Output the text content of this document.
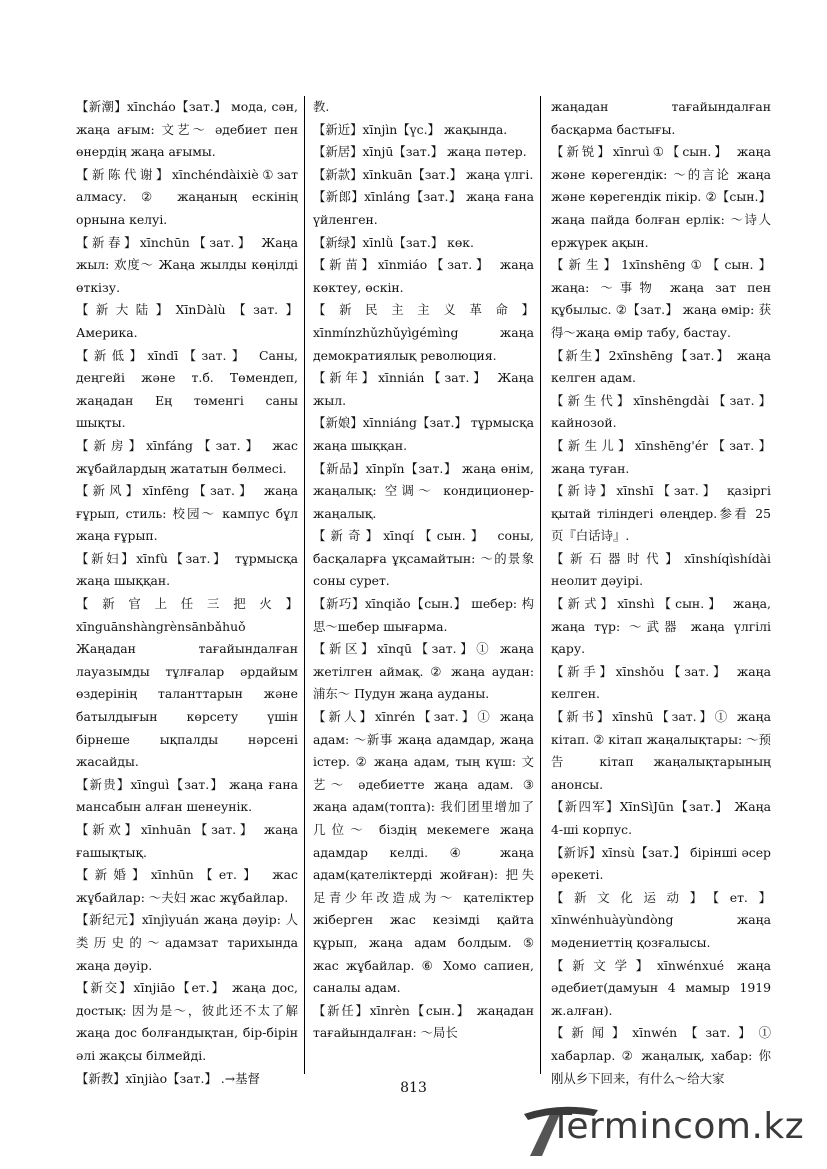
【新潮】xīncháo【зат.】 мода, сән, жаңа ағым: 文艺～ әдебиет пен өнердің жаңа ағымы.

【新陈代谢】xīnchéndàixiè①зат алмасу. ② жаңаның ескінің орнына келуі.

【新春】xīnchūn【зат.】 Жаңа жыл: 欢度～ Жаңа жылды көңілді өткізу.

【新大陆】XīnDàlù【зат.】 Америка.

【新低】xīndī【зат.】 Саны, деңгейі және т.б. Төмендеп, жаңадан Ең төменгі саны шықты.

【新房】xīnfáng【зат.】 жас жұбайлардың жататын бөлмесі.

【新风】xīnfēng【зат.】 жаңа ғұрып, стиль: 校园～ кампус бұл жаңа ғұрып.

【新妇】xīnfù【зат.】 тұрмысқа жаңа шыққан.

【新官上任三把火】xīnguānshàngrènsānbǎhuǒ Жаңадан тағайындалған лауазымды тұлғалар әрдайым өздерінің таланттарын және батылдығын көрсету үшін бірнеше ықпалды нәрсені жасайды.

【新贵】xīnguì【зат.】 жаңа ғана мансабын алған шенеунік.

【新欢】xīnhuān【зат.】 жаңа ғашықтық.

【新婚】xīnhūn【ет.】 жас жұбайлар: ～夫妇 жас жұбайлар.

【新纪元】xīnjìyuán жаңа дәуір: 人类历史的～адамзат тарихында жаңа дәуір.

【新交】xīnjiāo【ет.】 жаңа дос, достық: 因为是～，彼此还不太了解 жаңа дос болғандықтан, бір-бірін әлі жақсы білмейді.

【新教】xīnjiào【зат.】 .→基督

教.

【新近】xīnjìn【үс.】 жақында.

【新居】xīnjū【зат.】 жаңа пәтер.

【新款】xīnkuān【зат.】 жаңа үлгі.

【新郎】xīnláng【зат.】 жаңа ғана үйленген.

【新绿】xīnlǜ【зат.】 көк.

【新苗】xīnmiáo【зат.】 жаңа көктеу, өскін.

【新民主主义革命】xīnmínzhǔzhǔyìgémìng жаңа демократиялық революция.

【新年】xīnnián【зат.】 Жаңа жыл.

【新娘】xīnniáng【зат.】 тұрмысқа жаңа шыққан.

【新品】xīnpǐn【зат.】 жаңа өнім, жаңалық: 空调～ кондиционер-жаңалық.

【新奇】xīnqí【сын.】 соны, басқаларға ұқсамайтын: ～的景象 соны сурет.

【新巧】xīnqiǎo【сын.】 шебер: 构思～шебер шығарма.

【新区】xīnqū【зат.】① жаңа жетілген аймақ. ② жаңа аудан: 浦东～ Пудун жаңа ауданы.

【新人】xīnrén【зат.】① жаңа адам: ～新事 жаңа адамдар, жаңа істер. ② жаңа адам, тың күш: 文艺～ әдебиетте жаңа адам. ③ жаңа адам(топта): 我们团里增加了几位～ біздің мекемеге жаңа адамдар келді. ④ жаңа адам(қателіктерді жойған): 把失足青少年改造成为～ қателіктер жіберген жас кезімді қайта құрып, жаңа адам болдым. ⑤ жас жұбайлар. ⑥ Хомо сапиен, саналы адам.

【新任】xīnrèn【сын.】 жаңадан тағайындалған: ～局长

жаңадан тағайындалған басқарма бастығы.

【新锐】xīnruì①【сын.】 жаңа және көрегендік: ～的言论 жаңа және көрегендік пікір. ②【сын.】 жаңа пайда болған ерлік: ～诗人 ержүрек ақын.

【新生】1xīnshēng①【сын.】 жаңа: ～事物 жаңа зат пен құбылыс. ②【зат.】 жаңа өмір: 获得～жаңа өмір табу, бастау.

【新生】2xīnshēng【зат.】 жаңа келген адам.

【新生代】xīnshēngdài【зат.】 кайнозой.

【新生儿】xīnshēng'ér【зат.】 жаңа туған.

【新诗】xīnshī【зат.】 қазіргі қытай тіліндегі өлеңдер.参看 25 页『白话诗』.

【新石器时代】xīnshíqìshídài неолит дәуірі.

【新式】xīnshì【сын.】 жаңа, жаңа түр: ～武器 жаңа үлгілі қару.

【新手】xīnshǒu【зат.】 жаңа келген.

【新书】xīnshū【зат.】① жаңа кітап. ② кітап жаңалықтары: ～预告 кітап жаңалықтарының анонсы.

【新四军】XīnSìJūn【зат.】 Жаңа 4-ші корпус.

【新诉】xīnsù【зат.】 бірінші әсер әрекеті.

【新文化运动】【ет.】 xīnwénhuàyùndòng жаңа мәдениеттің қозғалысы.

【新文学】xīnwénxué жаңа әдебиет(дамуын 4 мамыр 1919 ж.алған).

【新闻】xīnwén【зат.】① хабарлар. ② жаңалық, хабар: 你刚从乡下回来，有什么～给大家

813
Termincom.kz
